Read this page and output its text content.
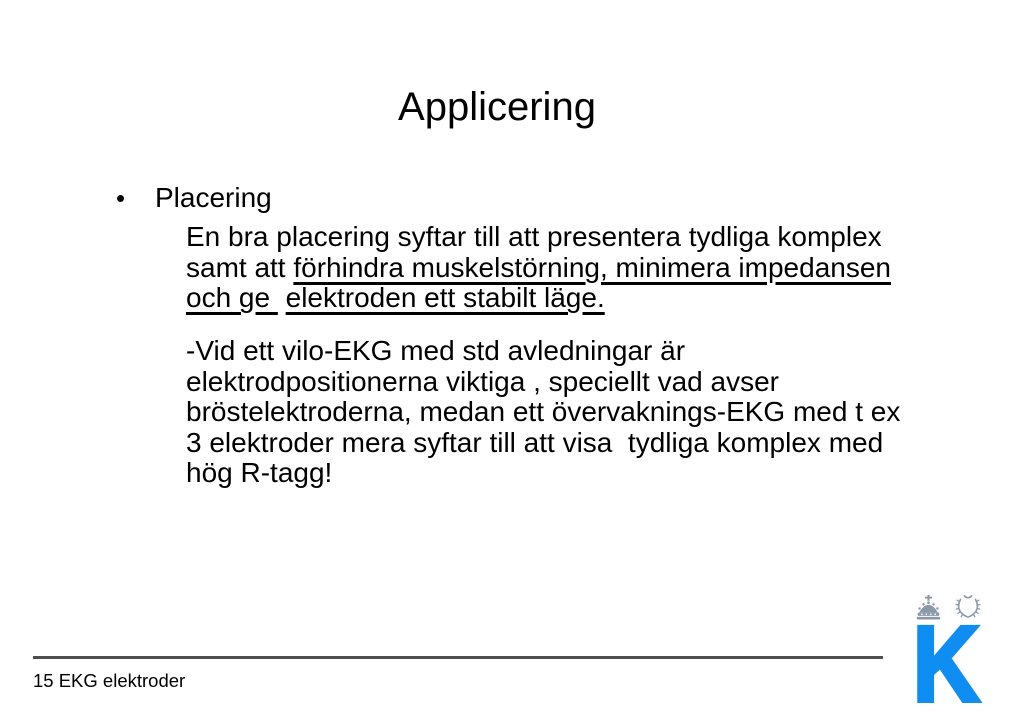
Applicering
• Placering
En bra placering syftar till att presentera tydliga komplex
samt att förhindra muskelstörning, minimera impedansen
och ge  elektroden ett stabilt läge.
-Vid ett vilo-EKG med std avledningar är
elektrodpositionerna viktiga , speciellt vad avser
bröstelektroderna, medan ett övervaknings-EKG med t ex
3 elektroder mera syftar till att visa  tydliga komplex med
hög R-tagg!
15 EKG elektroder	K
